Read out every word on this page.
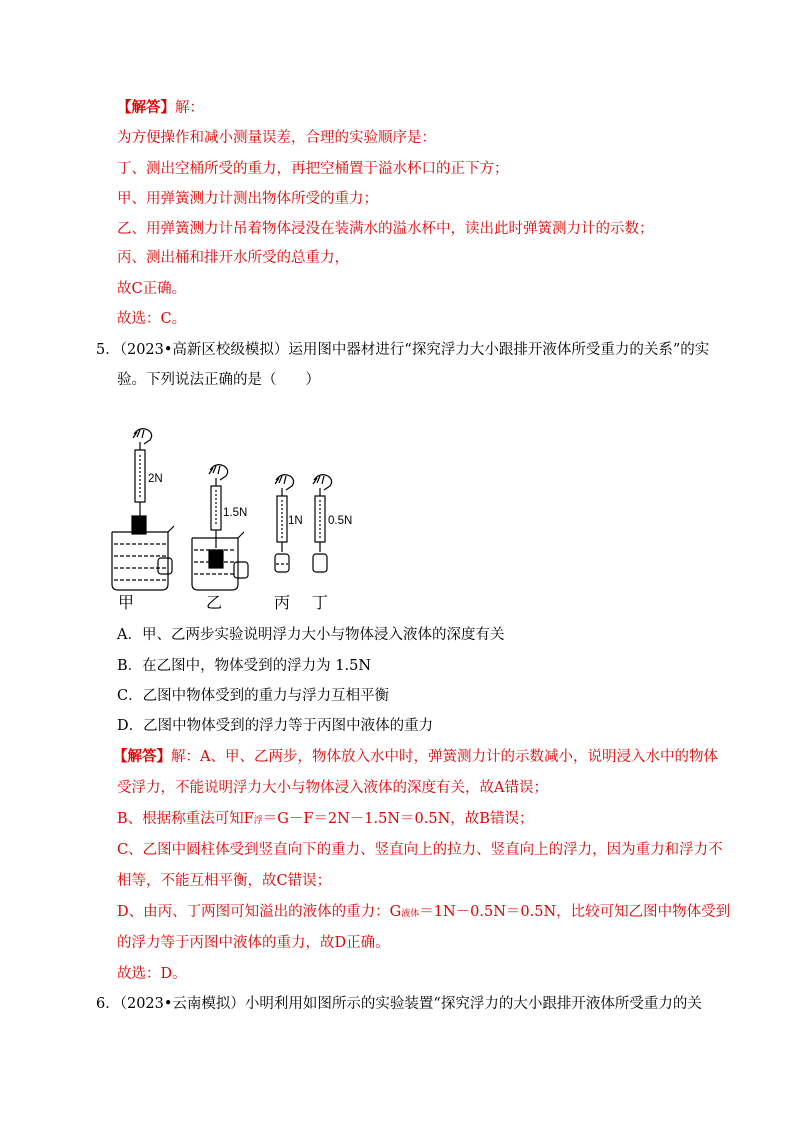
【解答】解：
为方便操作和减小测量误差，合理的实验顺序是：
丁、测出空桶所受的重力，再把空桶置于溢水杯口的正下方；
甲、用弹簧测力计测出物体所受的重力；
乙、用弹簧测力计吊着物体浸没在装满水的溢水杯中，读出此时弹簧测力计的示数；
丙、测出桶和排开水所受的总重力，
故C正确。
故选：C。
5．（2023•高新区校级模拟）运用图中器材进行“探究浮力大小跟排开液体所受重力的关系”的实
验。下列说法正确的是（　　）
2N
1.5N
1N 0.5N
甲	乙	丙 丁
A．甲、乙两步实验说明浮力大小与物体浸入液体的深度有关
B．在乙图中，物体受到的浮力为 1.5N
C．乙图中物体受到的重力与浮力互相平衡
D．乙图中物体受到的浮力等于丙图中液体的重力
【解答】解：A、甲、乙两步，物体放入水中时，弹簧测力计的示数减小，说明浸入水中的物体
受浮力，不能说明浮力大小与物体浸入液体的深度有关，故A错误；
B、根据称重法可知F浮＝G－F＝2N－1.5N＝0.5N，故B错误；
C、乙图中圆柱体受到竖直向下的重力、竖直向上的拉力、竖直向上的浮力，因为重力和浮力不
相等，不能互相平衡，故C错误；
D、由丙、丁两图可知溢出的液体的重力：G液体＝1N－0.5N＝0.5N，比较可知乙图中物体受到
的浮力等于丙图中液体的重力，故D正确。
故选：D。
6．（2023•云南模拟）小明利用如图所示的实验装置“探究浮力的大小跟排开液体所受重力的关
